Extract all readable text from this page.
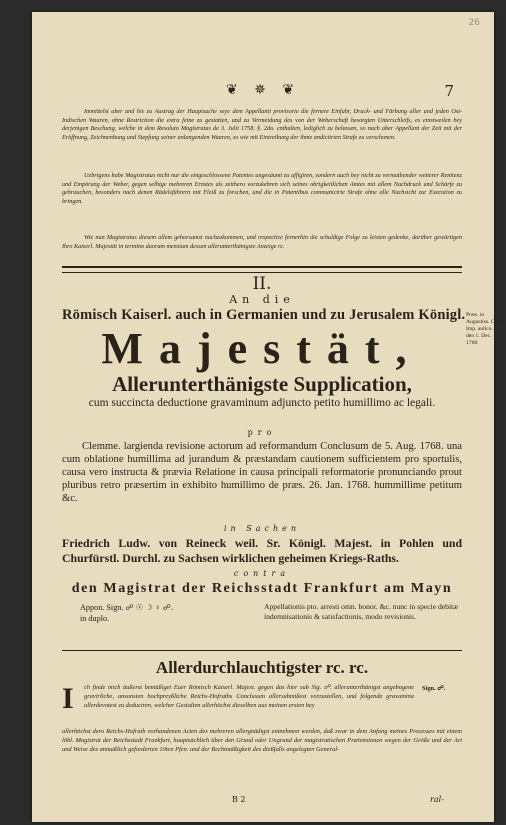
26
❦ ✵ ❦	7

Immittelst aber und bis zu Austrag der Hauptsache seye dem Appellanti provisorie die fernere Einfuhr, Druck- und Färbung aller und jeden Ost-Indischen Waaren, ohne Restriction die extra feine zu gestatten, und zu Vermeidung des von der Weberschaft besorgten Unterschleifs, es einstweilen bey derjenigen Beschung, welche in dem Resoluto Magistratus de 3. Julii 1758. §. 2do. enthalten, lediglich zu belassen, so nach aber Appellant der Zeit mit der Eröffnung, Zeichnenbung und Stepfung seiner anlangenden Waaren, so wie mit Eintreibung der ihme andictirten Strafe zu verschonen.

Uebrigens habe Magistratus nicht nur die eingeschlossene Patentes ungesäumt zu affigiren, sondern auch bey nicht zu vermuthender weiterer Renitenz und Empörung der Weber, gegen selbige mehreren Ernstes als zeithero vorzukehren sich seines obrigkeitlichen Amtes mit allem Nachdruck und Schärfe zu gebrauchen, besonders nach denen Rädelsführern mit Fleiß zu forschen, und die in Patentibus communicirte Strafe ohne alle Nachsicht zur Execution zu bringen.

Wie nun Magistratus diesem allem gehorsamst nachzukommen, und respective fernerhin die schuldige Folge zu leisten gedenke, darüber gewärtigen Ihro Kaiserl. Majestät in termino duorum mensium dessen allerunterthänigste Anzeige rc.

II.
An die
Römisch Kaiserl. auch in Germanien und zu Jerusalem Königl.
Majestät,
Allerunterthänigste Supplication,
cum succincta deductione gravaminum adjuncto petito humillimo ac legali.
pro

Clemme. largienda revisione actorum ad reformandum Conclusum de 5. Aug. 1768. una cum oblatione humillima ad jurandum & præstandam cautionem sufficientem pro sportulis, causa vero instructa & prævia Relatione in causa principali reformatorie pronunciando prout pluribus retro præsertim in exhibito humillimo de præs. 26. Jan. 1768. hummillime petitum &c.

in Sachen

Friedrich Ludw. von Reineck weil. Sr. Königl. Majest. in Pohlen und Churfürstl. Durchl. zu Sachsen wirklichen geheimen Kriegs-Raths.

contra
den Magistrat der Reichsstadt Frankfurt am Mayn
Appon. Sign. ☍ ☉ ☽ ♀ ☍.
in duplo.
Appellationis pto. arresti omn. bonor. &c. nunc in specie debitæ indemnisationis & satisfactionis, modo revisionis.
Allerdurchlauchtigster rc. rc.
I ch finde mich äußerst bemüßiget Euer Römisch Kaiserl. Majest. gegen das hier sub Sig. ☍. allerunterthänigst angebogene gravirliche, ansonsten hochpreyßliche Reichs-Hofraths Conclusum allersubmißest vorzustellen, und folgende gravamina allerdevotest zu deduciren, welcher Gestalten allerhöchst dieselben aus meinen ersten bey

Sign. ☍.

allerhöchst dero Reichs-Hofrath vorhandenen Acten des mehreren allergnädigst entnehmen werden, daß zwar in dem Anfang meines Processes mit einem löbl. Magistrat der Reichsstadt Frankfurt, hauptsächlich über den Grund oder Ungrund der magistratischen Prætensionen wegen der Größe und der Art und Weise des anmaßlich geforderten 10ten Pfen. und der Rechtmäßigkeit des dießfalls angelegten General-

Præs. in Augustiss. Cons.
Imp. aulico.
den 1. Dec.
1768.
B 2	ral-
